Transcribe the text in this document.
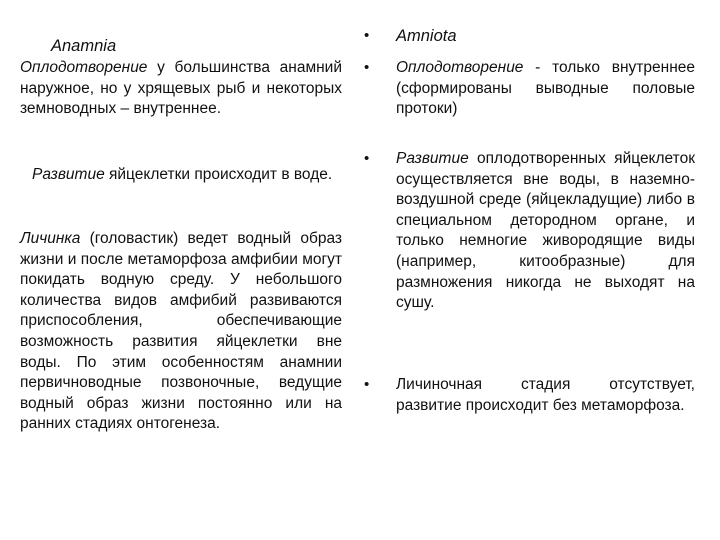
Anamnia
Оплодотворение у большинства анамний наружное, но у хрящевых рыб и некоторых земноводных – внутреннее.
Развитие яйцеклетки происходит в воде.
Личинка (головастик) ведет водный образ жизни и после метаморфоза амфибии могут покидать водную среду. У небольшого количества видов амфибий развиваются приспособления, обеспечивающие возможность развития яйцеклетки вне воды. По этим особенностям анамнии первичноводные позвоночные, ведущие водный образ жизни постоянно или на ранних стадиях онтогенеза.
• Amniota
• Оплодотворение - только внутреннее (сформированы выводные половые протоки)
• Развитие оплодотворенных яйцеклеток осуществляется вне воды, в наземно-воздушной среде (яйцекладущие) либо в специальном детородном органе, и только немногие живородящие виды (например, китообразные) для размножения никогда не выходят на сушу.
• Личиночная стадия отсутствует, развитие происходит без метаморфоза.
